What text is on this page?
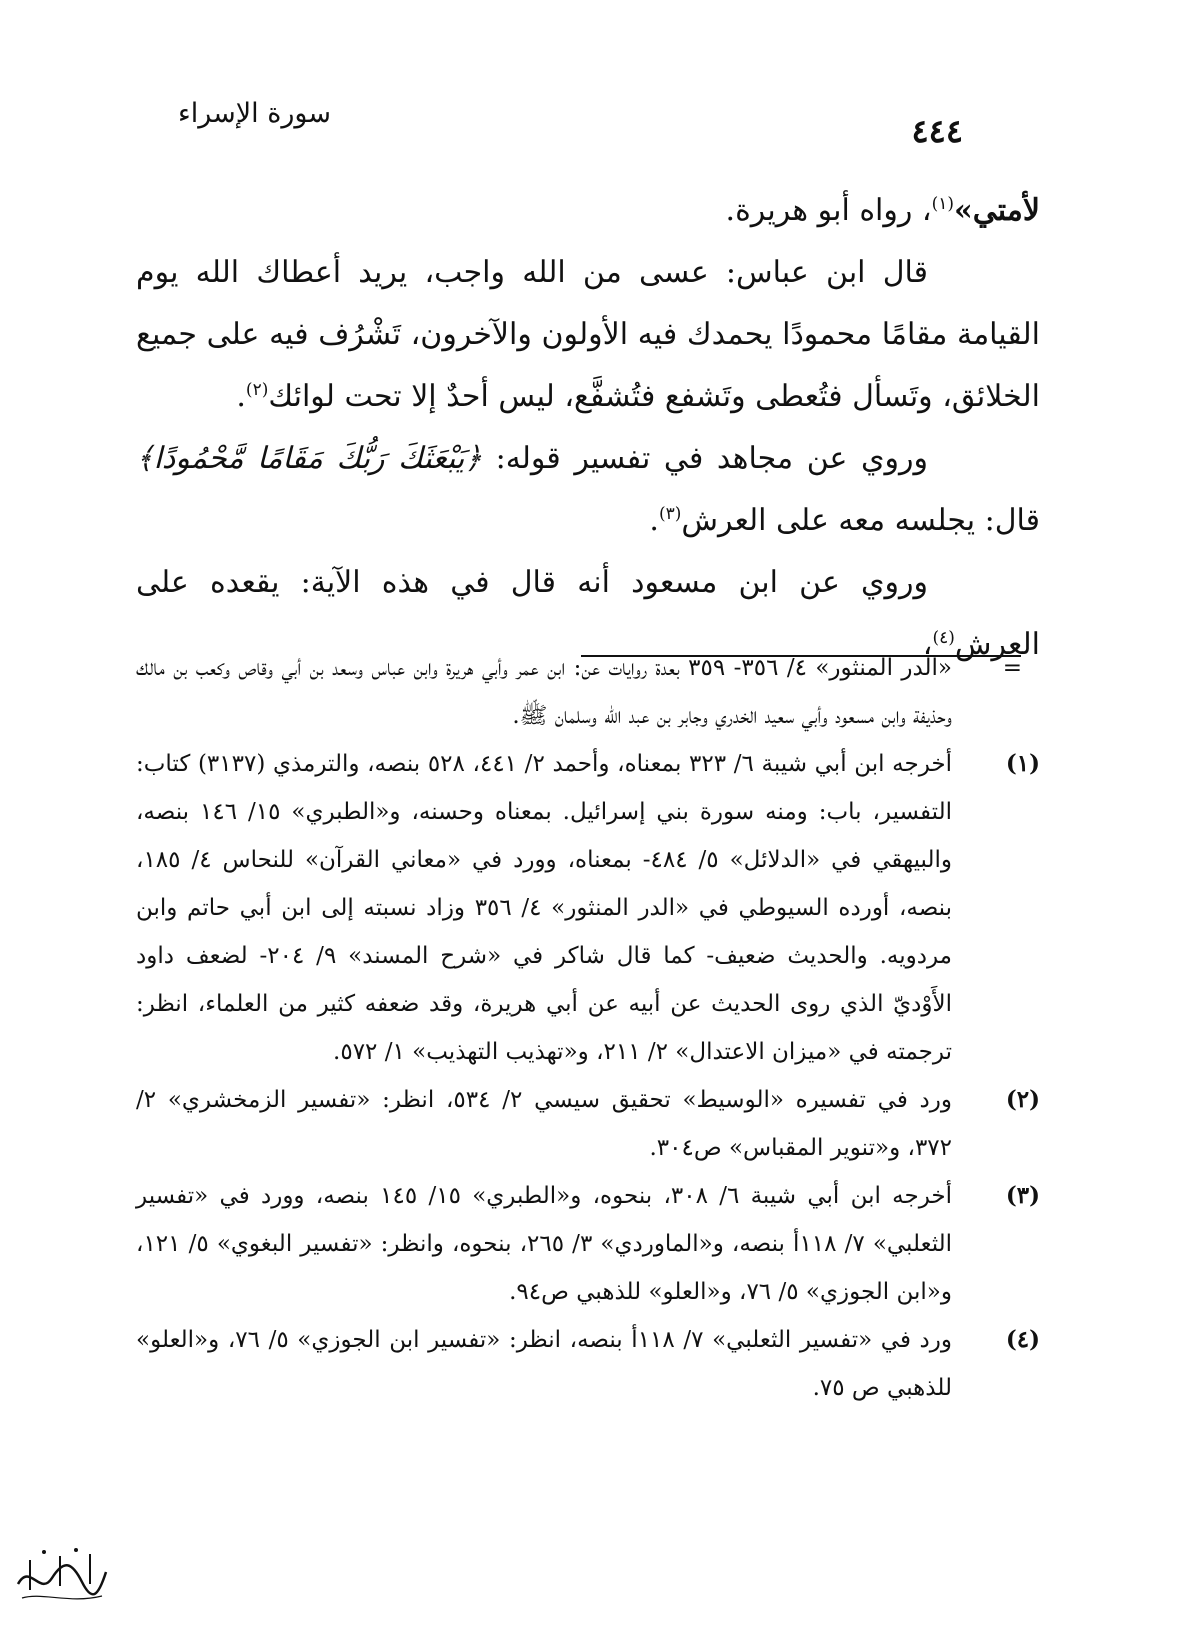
سورة الإسراء	٤٤٤

لأمتي»$^{(١)}$، رواه أبو هريرة.

قال ابن عباس: عسى من الله واجب، يريد أعطاك الله يوم القيامة مقامًا محمودًا يحمدك فيه الأولون والآخرون، تَشْرُف فيه على جميع الخلائق، وتَسأل فتُعطى وتَشفع فتُشفَّع، ليس أحدٌ إلا تحت لوائك$^{(٢)}$.

وروي عن مجاهد في تفسير قوله: ﴿يَبْعَثَكَ رَبُّكَ مَقَامًا مَّحْمُودًا﴾ قال: يجلسه معه على العرش$^{(٣)}$.

وروي عن ابن مسعود أنه قال في هذه الآية: يقعده على العرش$^{(٤)}$،

=
«الدر المنثور» ٤/ ٣٥٦- ٣٥٩ بعدة روايات عن: ابن عمر وأبي هريرة وابن عباس وسعد بن أبي وقاص وكعب بن مالك وحذيفة وابن مسعود وأبي سعيد الخدري وجابر بن عبد الله وسلمان ﷺ.
(١)
أخرجه ابن أبي شيبة ٦/ ٣٢٣ بمعناه، وأحمد ٢/ ٤٤١، ٥٢٨ بنصه، والترمذي (٣١٣٧) كتاب: التفسير، باب: ومنه سورة بني إسرائيل. بمعناه وحسنه، و«الطبري» ١٥/ ١٤٦ بنصه، والبيهقي في «الدلائل» ٥/ ٤٨٤- بمعناه، وورد في «معاني القرآن» للنحاس ٤/ ١٨٥، بنصه، أورده السيوطي في «الدر المنثور» ٤/ ٣٥٦ وزاد نسبته إلى ابن أبي حاتم وابن مردويه. والحديث ضعيف- كما قال شاكر في «شرح المسند» ٩/ ٢٠٤- لضعف داود الأَوْديّ الذي روى الحديث عن أبيه عن أبي هريرة، وقد ضعفه كثير من العلماء، انظر: ترجمته في «ميزان الاعتدال» ٢/ ٢١١، و«تهذيب التهذيب» ١/ ٥٧٢.
(٢)
ورد في تفسيره «الوسيط» تحقيق سيسي ٢/ ٥٣٤، انظر: «تفسير الزمخشري» ٢/ ٣٧٢، و«تنوير المقباس» ص٣٠٤.
(٣)
أخرجه ابن أبي شيبة ٦/ ٣٠٨، بنحوه، و«الطبري» ١٥/ ١٤٥ بنصه، وورد في «تفسير الثعلبي» ٧/ ١١٨أ بنصه، و«الماوردي» ٣/ ٢٦٥، بنحوه، وانظر: «تفسير البغوي» ٥/ ١٢١، و«ابن الجوزي» ٥/ ٧٦، و«العلو» للذهبي ص٩٤.
(٤)
ورد في «تفسير الثعلبي» ٧/ ١١٨أ بنصه، انظر: «تفسير ابن الجوزي» ٥/ ٧٦، و«العلو» للذهبي ص ٧٥.
